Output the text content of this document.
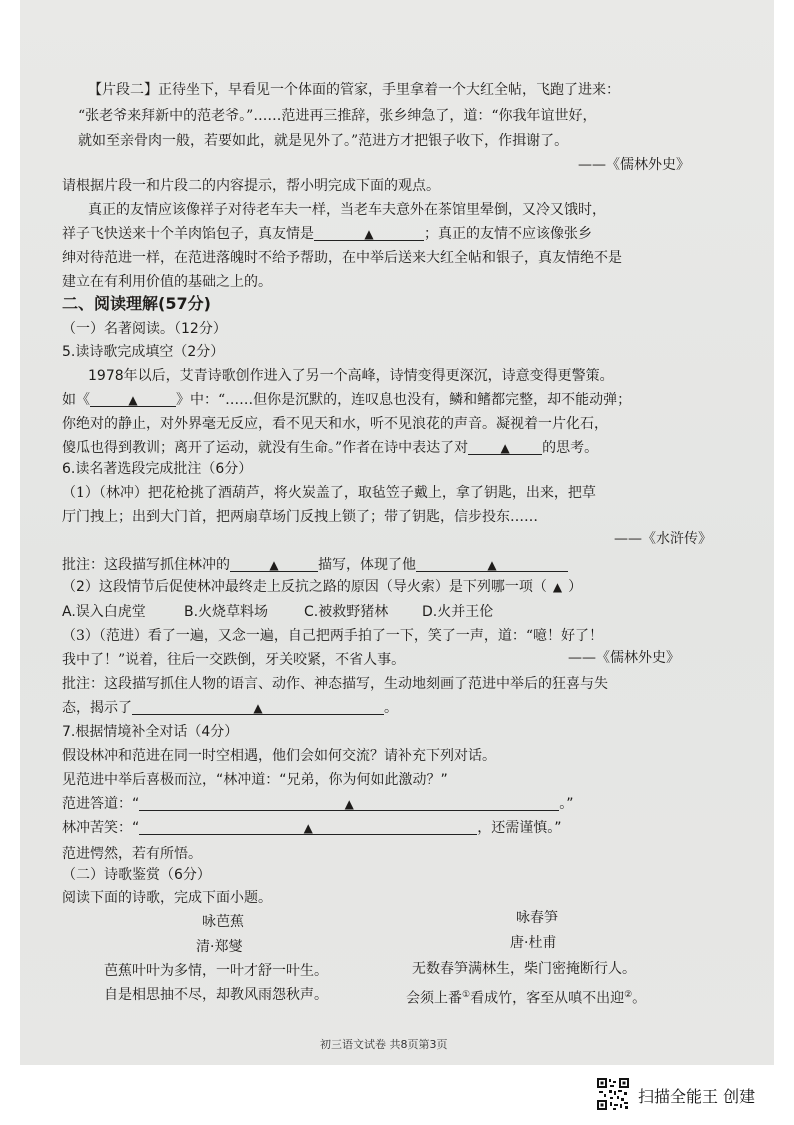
【片段二】正待坐下，早看见一个体面的管家，手里拿着一个大红全帖，飞跑了进来：
“张老爷来拜新中的范老爷。”……范进再三推辞，张乡绅急了，道：“你我年谊世好，
就如至亲骨肉一般，若要如此，就是见外了。”范进方才把银子收下，作揖谢了。
——《儒林外史》
请根据片段一和片段二的内容提示，帮小明完成下面的观点。
真正的友情应该像祥子对待老车夫一样，当老车夫意外在茶馆里晕倒，又冷又饿时，
祥子飞快送来十个羊肉馅包子，真友情是	▲	；真正的友情不应该像张乡
绅对待范进一样，在范进落魄时不给予帮助，在中举后送来大红全帖和银子，真友情绝不是
建立在有利用价值的基础之上的。
二、阅读理解(57分)
（一）名著阅读。（12分）
5.读诗歌完成填空（2分）
1978年以后，艾青诗歌创作进入了另一个高峰，诗情变得更深沉，诗意变得更警策。
如《	▲	》中：“……但你是沉默的，连叹息也没有，鳞和鳍都完整，却不能动弹；
你绝对的静止，对外界毫无反应，看不见天和水，听不见浪花的声音。凝视着一片化石，
傻瓜也得到教训；离开了运动，就没有生命。”作者在诗中表达了对	▲ 的思考。
6.读名著选段完成批注（6分）
（1）（林冲）把花枪挑了酒葫芦，将火炭盖了，取毡笠子戴上，拿了钥匙，出来，把草
厅门拽上；出到大门首，把两扇草场门反拽上锁了；带了钥匙，信步投东……
——《水浒传》
批注：这段描写抓住林冲的	▲	描写，体现了他	▲
（2）这段情节后促使林冲最终走上反抗之路的原因（导火索）是下列哪一项（ ▲ ）
A.误入白虎堂	B.火烧草料场	C.被救野猪林 D.火并王伦
（3）（范进）看了一遍，又念一遍，自己把两手拍了一下，笑了一声，道：“噫！好了！
我中了！”说着，往后一交跌倒，牙关咬紧，不省人事。	——《儒林外史》
批注：这段描写抓住人物的语言、动作、神态描写，生动地刻画了范进中举后的狂喜与失
态，揭示了	▲	。
7.根据情境补全对话（4分）
假设林冲和范进在同一时空相遇，他们会如何交流？请补充下列对话。
见范进中举后喜极而泣，“林冲道：“兄弟，你为何如此激动？”
范进答道：“	▲	。”
林冲苦笑：“	▲	，还需谨慎。”
范进愕然，若有所悟。
（二）诗歌鉴赏（6分）
阅读下面的诗歌，完成下面小题。
咏芭蕉
清·郑燮
芭蕉叶叶为多情，一叶才舒一叶生。
自是相思抽不尽，却教风雨怨秋声。
咏春笋
唐·杜甫
无数春笋满林生，柴门密掩断行人。
会须上番①看成竹，客至从嗔不出迎②。
初三语文试卷 共8页第3页
扫描全能王 创建
